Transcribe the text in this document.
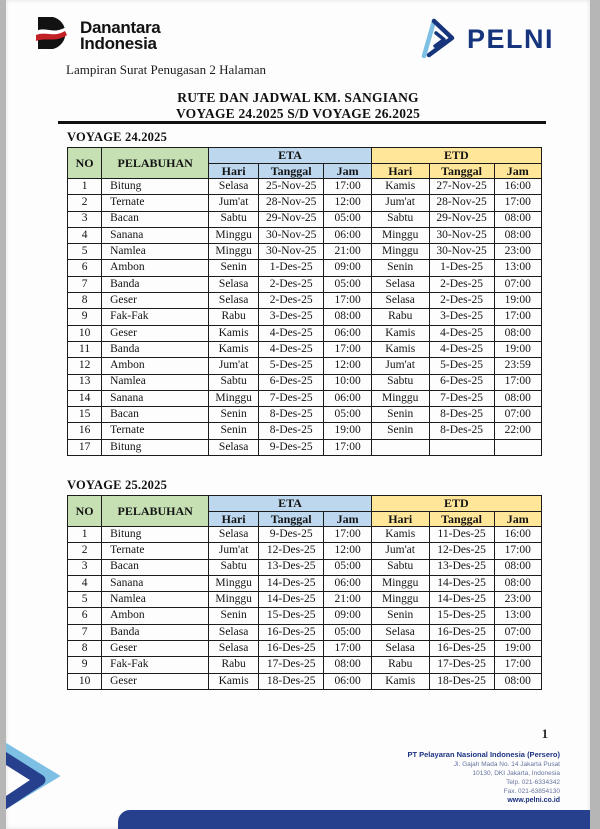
Danantara
Indonesia	PELNI
Lampiran Surat Penugasan 2 Halaman
RUTE DAN JADWAL KM. SANGIANG
VOYAGE 24.2025 S/D VOYAGE 26.2025
VOYAGE 24.2025
NO	PELABUHAN	ETA			ETD		
		Hari	Tanggal	Jam	Hari	Tanggal	Jam
1	Bitung	Selasa	25-Nov-25	17:00	Kamis	27-Nov-25	16:00
2	Ternate	Jum'at	28-Nov-25	12:00	Jum'at	28-Nov-25	17:00
3	Bacan	Sabtu	29-Nov-25	05:00	Sabtu	29-Nov-25	08:00
4	Sanana	Minggu	30-Nov-25	06:00	Minggu	30-Nov-25	08:00
5	Namlea	Minggu	30-Nov-25	21:00	Minggu	30-Nov-25	23:00
6	Ambon	Senin	1-Des-25	09:00	Senin	1-Des-25	13:00
7	Banda	Selasa	2-Des-25	05:00	Selasa	2-Des-25	07:00
8	Geser	Selasa	2-Des-25	17:00	Selasa	2-Des-25	19:00
9	Fak-Fak	Rabu	3-Des-25	08:00	Rabu	3-Des-25	17:00
10	Geser	Kamis	4-Des-25	06:00	Kamis	4-Des-25	08:00
11	Banda	Kamis	4-Des-25	17:00	Kamis	4-Des-25	19:00
12	Ambon	Jum'at	5-Des-25	12:00	Jum'at	5-Des-25	23:59
13	Namlea	Sabtu	6-Des-25	10:00	Sabtu	6-Des-25	17:00
14	Sanana	Minggu	7-Des-25	06:00	Minggu	7-Des-25	08:00
15	Bacan	Senin	8-Des-25	05:00	Senin	8-Des-25	07:00
16	Ternate	Senin	8-Des-25	19:00	Senin	8-Des-25	22:00
17	Bitung	Selasa	9-Des-25	17:00			
VOYAGE 25.2025
NO	PELABUHAN	ETA			ETD		
		Hari	Tanggal	Jam	Hari	Tanggal	Jam
1	Bitung	Selasa	9-Des-25	17:00	Kamis	11-Des-25	16:00
2	Ternate	Jum'at	12-Des-25	12:00	Jum'at	12-Des-25	17:00
3	Bacan	Sabtu	13-Des-25	05:00	Sabtu	13-Des-25	08:00
4	Sanana	Minggu	14-Des-25	06:00	Minggu	14-Des-25	08:00
5	Namlea	Minggu	14-Des-25	21:00	Minggu	14-Des-25	23:00
6	Ambon	Senin	15-Des-25	09:00	Senin	15-Des-25	13:00
7	Banda	Selasa	16-Des-25	05:00	Selasa	16-Des-25	07:00
8	Geser	Selasa	16-Des-25	17:00	Selasa	16-Des-25	19:00
9	Fak-Fak	Rabu	17-Des-25	08:00	Rabu	17-Des-25	17:00
10	Geser	Kamis	18-Des-25	06:00	Kamis	18-Des-25	08:00
1
PT Pelayaran Nasional Indonesia (Persero)
Jl. Gajah Mada No. 14 Jakarta Pusat
10130, DKI Jakarta, Indonesia
Telp. 021-6334342
Fax. 021-63854130
www.pelni.co.id
